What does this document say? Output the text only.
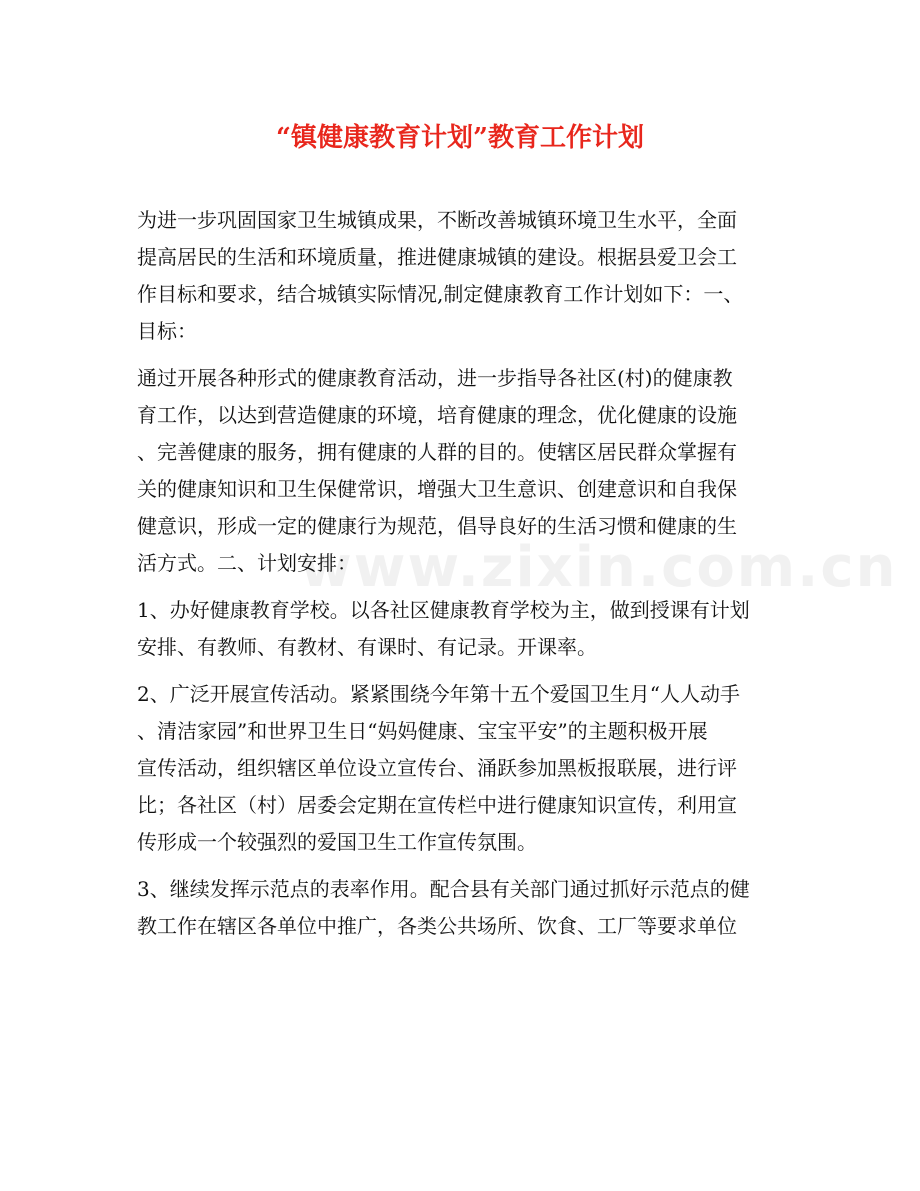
“镇健康教育计划”教育工作计划
www.zixin.com.cn

为进一步巩固国家卫生城镇成果，不断改善城镇环境卫生水平，全面
提高居民的生活和环境质量，推进健康城镇的建设。根据县爱卫会工
作目标和要求，结合城镇实际情况,制定健康教育工作计划如下：一、
目标：

通过开展各种形式的健康教育活动，进一步指导各社区(村)的健康教
育工作，以达到营造健康的环境，培育健康的理念，优化健康的设施
、完善健康的服务，拥有健康的人群的目的。使辖区居民群众掌握有
关的健康知识和卫生保健常识，增强大卫生意识、创建意识和自我保
健意识，形成一定的健康行为规范，倡导良好的生活习惯和健康的生
活方式。二、计划安排：

1、办好健康教育学校。以各社区健康教育学校为主，做到授课有计划
安排、有教师、有教材、有课时、有记录。开课率。

2、广泛开展宣传活动。紧紧围绕今年第十五个爱国卫生月“人人动手
、清洁家园”和世界卫生日“妈妈健康、宝宝平安”的主题积极开展
宣传活动，组织辖区单位设立宣传台、涌跃参加黑板报联展，进行评
比；各社区（村）居委会定期在宣传栏中进行健康知识宣传，利用宣
传形成一个较强烈的爱国卫生工作宣传氛围。

3、继续发挥示范点的表率作用。配合县有关部门通过抓好示范点的健
教工作在辖区各单位中推广，各类公共场所、饮食、工厂等要求单位
